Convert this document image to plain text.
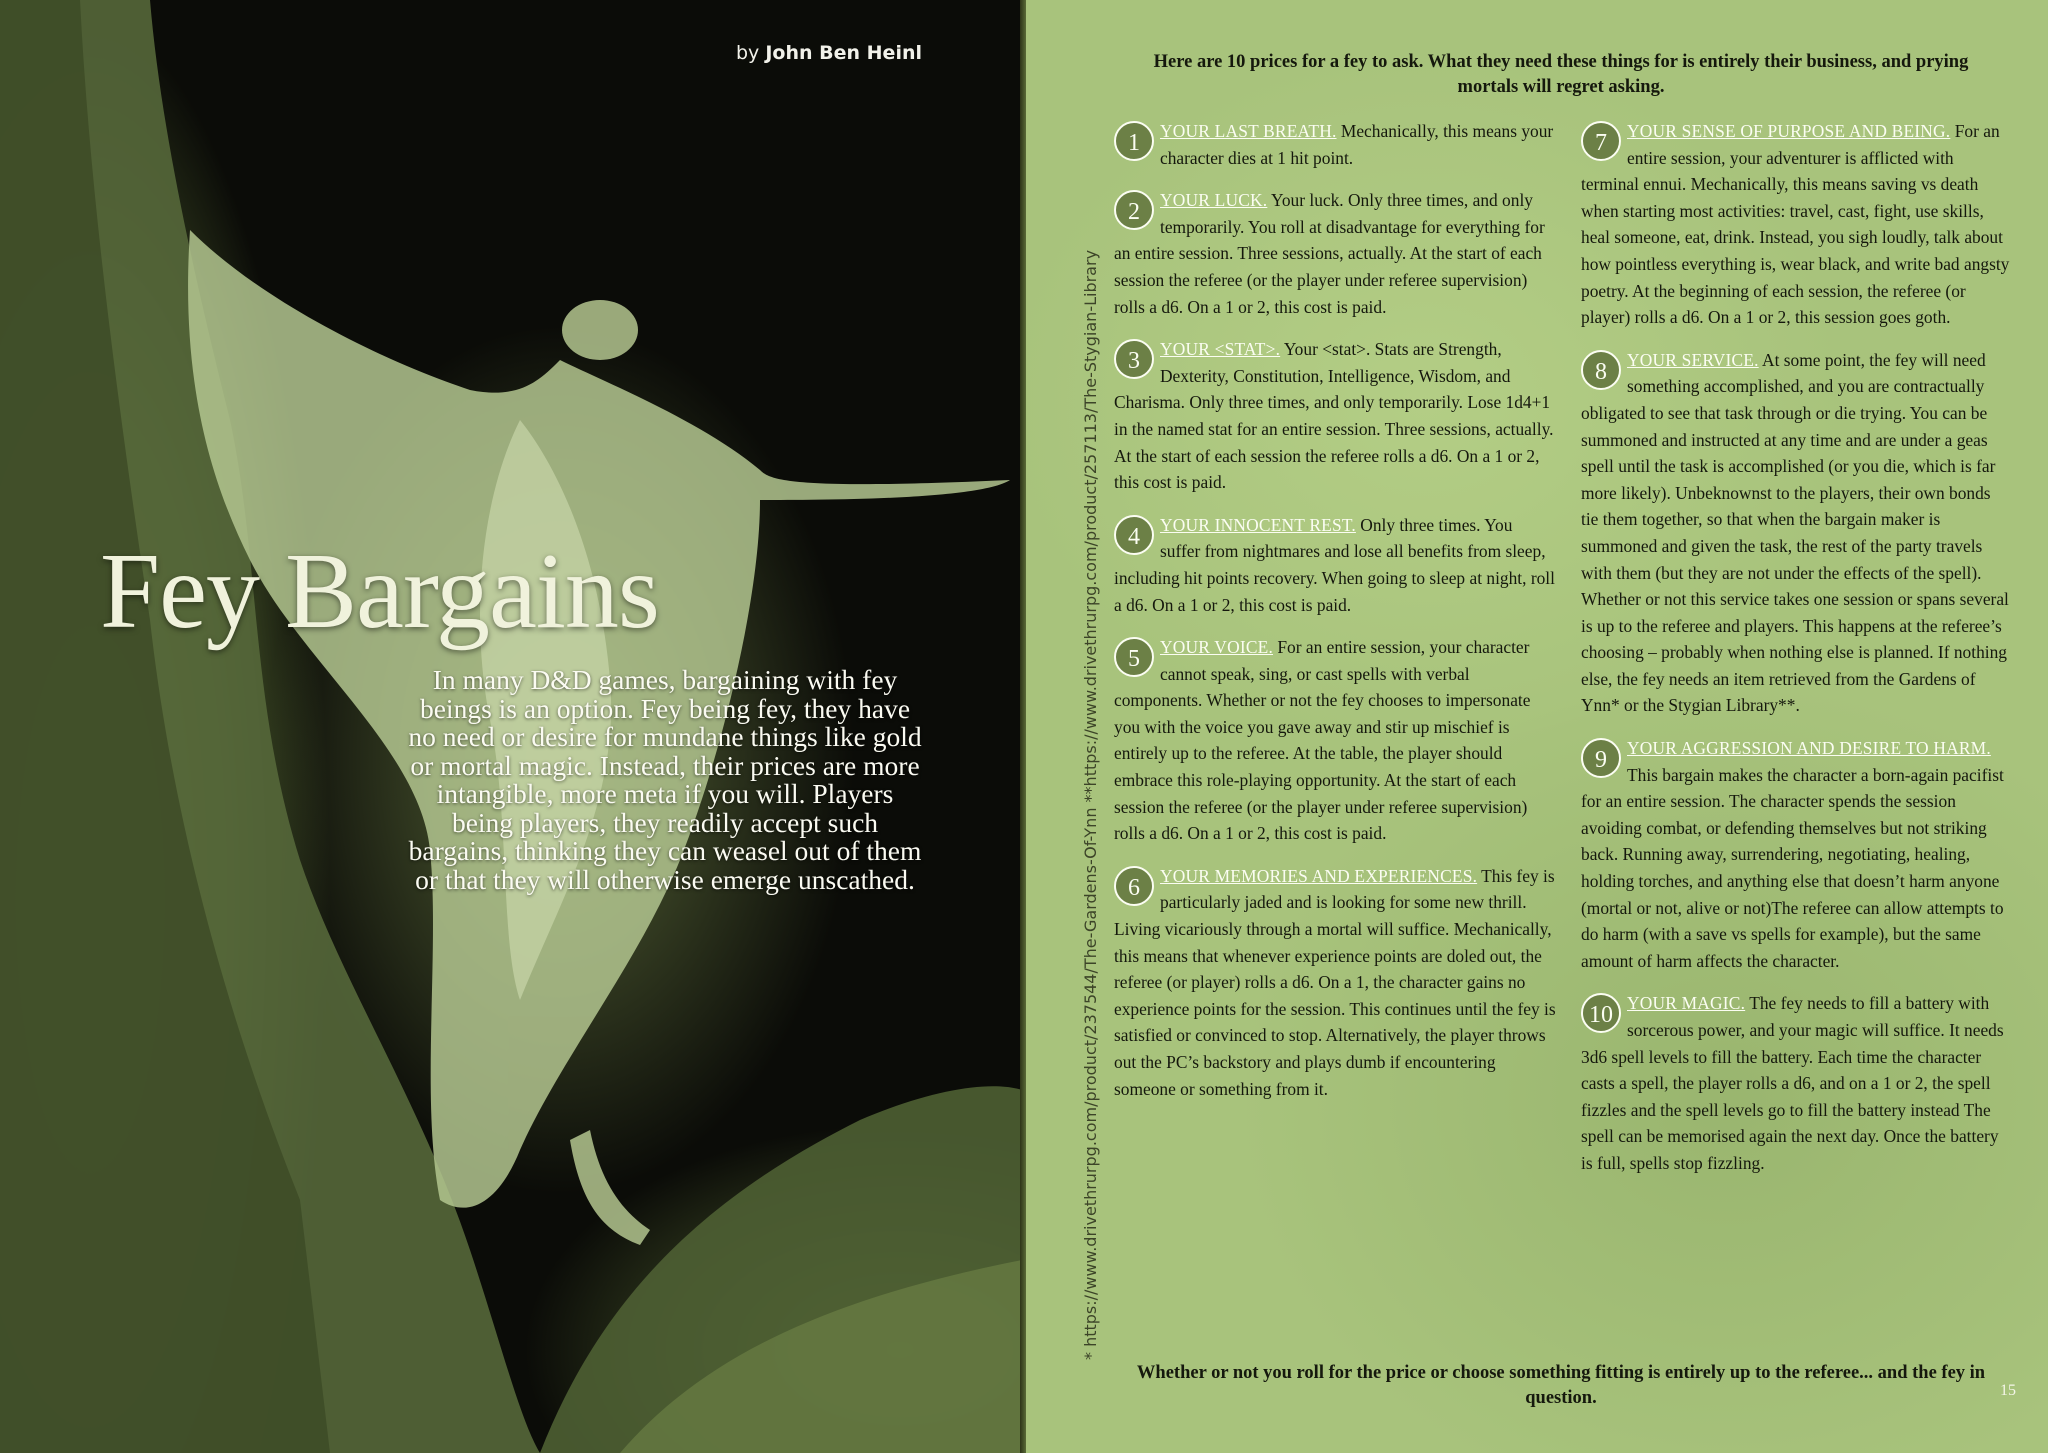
by John Ben Heinl
Fey Bargains

In many D&D games, bargaining with fey beings is an option. Fey being fey, they have no need or desire for mundane things like gold or mortal magic. Instead, their prices are more intangible, more meta if you will. Players being players, they readily accept such bargains, thinking they can weasel out of them or that they will otherwise emerge unscathed.

Here are 10 prices for a fey to ask. What they need these things for is entirely their business, and prying mortals will regret asking.

* https://www.drivethrurpg.com/product/237544/The-Gardens-Of-Ynn **https://www.drivethrurpg.com/product/257113/The-Stygian-Library

1	YOUR LAST BREATH. Mechanically, this means your character dies at 1 hit point.

2	YOUR LUCK. Your luck. Only three times, and only temporarily. You roll at disadvantage for everything for an entire session. Three sessions, actually. At the start of each session the referee (or the player under referee supervision) rolls a d6. On a 1 or 2, this cost is paid.

3	YOUR <STAT>. Your <stat>. Stats are Strength, Dexterity, Constitution, Intelligence, Wisdom, and Charisma. Only three times, and only temporarily. Lose 1d4+1 in the named stat for an entire session. Three sessions, actually. At the start of each session the referee rolls a d6. On a 1 or 2, this cost is paid.

4	YOUR INNOCENT REST. Only three times. You suffer from nightmares and lose all benefits from sleep, including hit points recovery. When going to sleep at night, roll a d6. On a 1 or 2, this cost is paid.

5	YOUR VOICE. For an entire session, your character cannot speak, sing, or cast spells with verbal components. Whether or not the fey chooses to impersonate you with the voice you gave away and stir up mischief is entirely up to the referee. At the table, the player should embrace this role-playing opportunity. At the start of each session the referee (or the player under referee supervision) rolls a d6. On a 1 or 2, this cost is paid.

6	YOUR MEMORIES AND EXPERIENCES. This fey is particularly jaded and is looking for some new thrill. Living vicariously through a mortal will suffice. Mechanically, this means that whenever experience points are doled out, the referee (or player) rolls a d6. On a 1, the character gains no experience points for the session. This continues until the fey is satisfied or convinced to stop. Alternatively, the player throws out the PC’s backstory and plays dumb if encountering someone or something from it.

7	YOUR SENSE OF PURPOSE AND BEING. For an entire session, your adventurer is afflicted with terminal ennui. Mechanically, this means saving vs death when starting most activities: travel, cast, fight, use skills, heal someone, eat, drink. Instead, you sigh loudly, talk about how pointless everything is, wear black, and write bad angsty poetry. At the beginning of each session, the referee (or player) rolls a d6. On a 1 or 2, this session goes goth.

8	YOUR SERVICE. At some point, the fey will need something accomplished, and you are contractually obligated to see that task through or die trying. You can be summoned and instructed at any time and are under a geas spell until the task is accomplished (or you die, which is far more likely). Unbeknownst to the players, their own bonds tie them together, so that when the bargain maker is summoned and given the task, the rest of the party travels with them (but they are not under the effects of the spell). Whether or not this service takes one session or spans several is up to the referee and players. This happens at the referee’s choosing – probably when nothing else is planned. If nothing else, the fey needs an item retrieved from the Gardens of Ynn* or the Stygian Library**.

9	YOUR AGGRESSION AND DESIRE TO HARM. This bargain makes the character a born-again pacifist for an entire session. The character spends the session avoiding combat, or defending themselves but not striking back. Running away, surrendering, negotiating, healing, holding torches, and anything else that doesn’t harm anyone (mortal or not, alive or not)The referee can allow attempts to do harm (with a save vs spells for example), but the same amount of harm affects the character.

10 YOUR MAGIC. The fey needs to fill a battery with sorcerous power, and your magic will suffice. It needs 3d6 spell levels to fill the battery. Each time the character casts a spell, the player rolls a d6, and on a 1 or 2, the spell fizzles and the spell levels go to fill the battery instead The spell can be memorised again the next day. Once the battery is full, spells stop fizzling.

Whether or not you roll for the price or choose something fitting is entirely up to the referee... and the fey in question.	15
